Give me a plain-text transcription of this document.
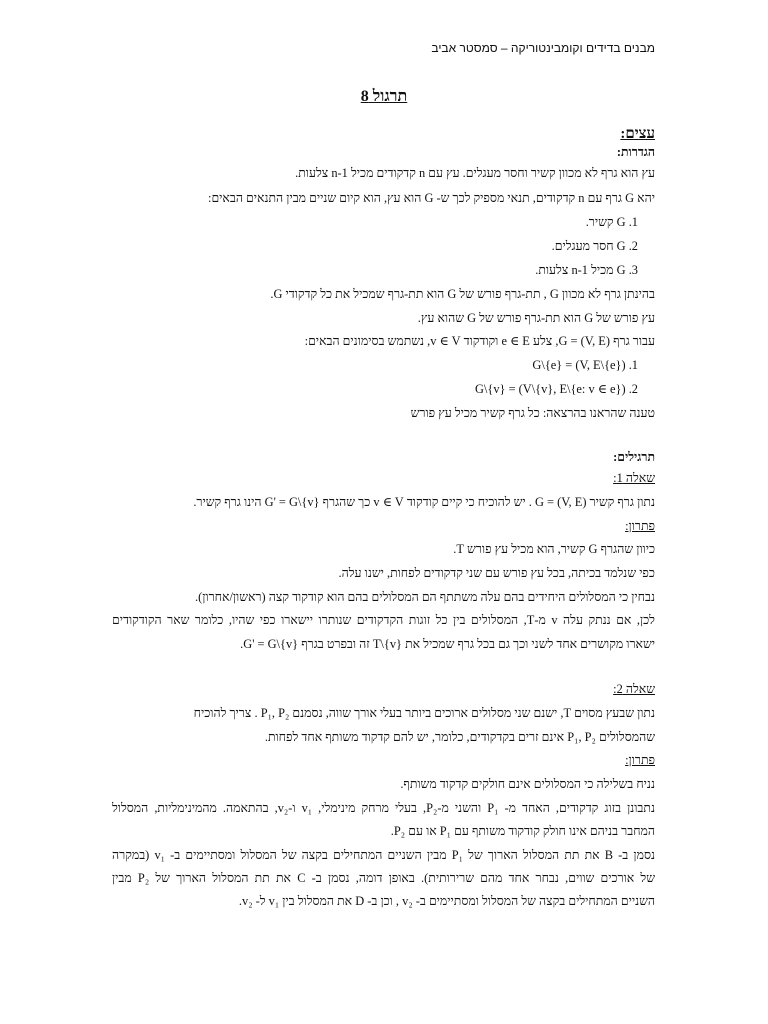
מבנים בדידים וקומבינטוריקה – סמסטר אביב
תרגול 8
עצים:
הגדרות:
עץ הוא גרף לא מכוון קשיר וחסר מעגלים. עץ עם n קדקודים מכיל n-1 צלעות.
יהא G גרף עם n קדקודים, תנאי מספיק לכך ש- G הוא עץ, הוא קיום שניים מבין התנאים הבאים:
1. G קשיר.
2. G חסר מעגלים.
3. G מכיל n-1 צלעות.
בהינתן גרף לא מכוון G , תת-גרף פורש של G הוא תת-גרף שמכיל את כל קדקודי G.
עץ פורש של G הוא תת-גרף פורש של G שהוא עץ.
עבור גרף G = (V, E), צלע e ∈ E וקודקוד v ∈ V, נשתמש בסימונים הבאים:
1. G\{e} = (V, E\{e})
2. G\{v} = (V\{v}, E\{e: v ∈ e})
טענה שהראנו בהרצאה: כל גרף קשיר מכיל עץ פורש
תרגילים:
שאלה 1:
נתון גרף קשיר G = (V, E) . יש להוכיח כי קיים קודקוד v ∈ V כך שהגרף G' = G\{v} הינו גרף קשיר.
פתרון:
כיוון שהגרף G קשיר, הוא מכיל עץ פורש T.
כפי שנלמד בכיתה, בכל עץ פורש עם שני קדקודים לפחות, ישנו עלה.
נבחין כי המסלולים היחידים בהם עלה משתתף הם המסלולים בהם הוא קודקוד קצה (ראשון/אחרון).
לכן, אם ננתק עלה v מ-T, המסלולים בין כל זוגות הקדקודים שנותרו יישארו כפי שהיו, כלומר שאר הקודקודים
ישארו מקושרים אחד לשני וכך גם בכל גרף שמכיל את T\{v} זה ובפרט בגרף G' = G\{v}.
שאלה 2:
נתון שבעץ מסוים T, ישנם שני מסלולים ארוכים ביותר בעלי אורך שווה, נסמנם P₁, P₂ . צריך להוכיח
שהמסלולים P₁, P₂ אינם זרים בקדקודים, כלומר, יש להם קדקוד משותף אחד לפחות.
פתרון:
נניח בשלילה כי המסלולים אינם חולקים קדקוד משותף.
נתבונן בזוג קדקודים, האחד מ- P₁ והשני מ-P₂, בעלי מרחק מינימלי, v₁ ו-v₂, בהתאמה. מהמינימליות, המסלול
המחבר בניהם אינו חולק קודקוד משותף עם P₁ או עם P₂.
נסמן ב- B את תת המסלול הארוך של P₁ מבין השניים המתחילים בקצה של המסלול ומסתיימים ב- v₁ (במקרה
של אורכים שווים, נבחר אחד מהם שרירותית). באופן דומה, נסמן ב- C את תת המסלול הארוך של P₂ מבין
השניים המתחילים בקצה של המסלול ומסתיימים ב- v₂ , וכן ב- D את המסלול בין v₁ ל- v₂.
